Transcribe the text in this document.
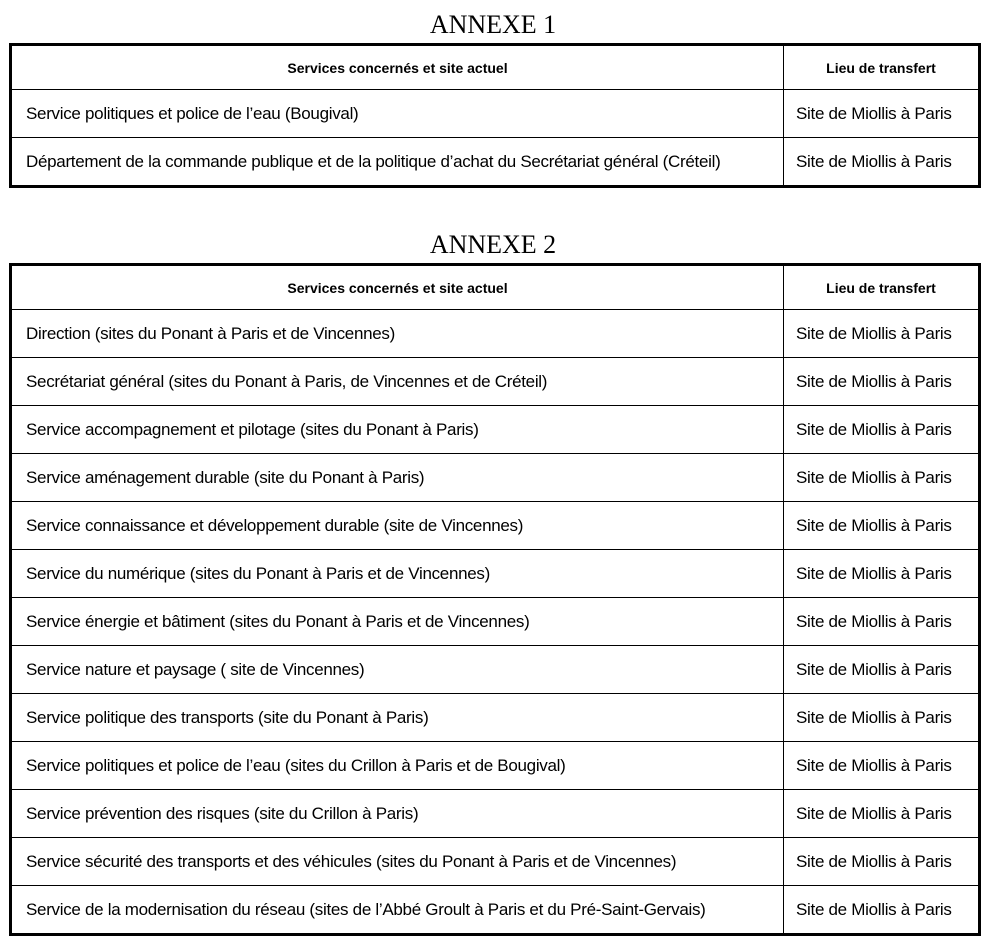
ANNEXE 1
Services concernés et site actuel	Lieu de transfert
Service politiques et police de l’eau (Bougival)	Site de Miollis à Paris
Département de la commande publique et de la politique d’achat du Secrétariat général (Créteil)	Site de Miollis à Paris
ANNEXE 2
Services concernés et site actuel	Lieu de transfert
Direction (sites du Ponant à Paris et de Vincennes)	Site de Miollis à Paris
Secrétariat général (sites du Ponant à Paris, de Vincennes et de Créteil)	Site de Miollis à Paris
Service accompagnement et pilotage (sites du Ponant à Paris)	Site de Miollis à Paris
Service aménagement durable (site du Ponant à Paris)	Site de Miollis à Paris
Service connaissance et développement durable (site de Vincennes)	Site de Miollis à Paris
Service du numérique (sites du Ponant à Paris et de Vincennes)	Site de Miollis à Paris
Service énergie et bâtiment (sites du Ponant à Paris et de Vincennes)	Site de Miollis à Paris
Service nature et paysage ( site de Vincennes)	Site de Miollis à Paris
Service politique des transports (site du Ponant à Paris)	Site de Miollis à Paris
Service politiques et police de l’eau (sites du Crillon à Paris et de Bougival)	Site de Miollis à Paris
Service prévention des risques (site du Crillon à Paris)	Site de Miollis à Paris
Service sécurité des transports et des véhicules (sites du Ponant à Paris et de Vincennes)	Site de Miollis à Paris
Service de la modernisation du réseau (sites de l’Abbé Groult à Paris et du Pré-Saint-Gervais)	Site de Miollis à Paris
